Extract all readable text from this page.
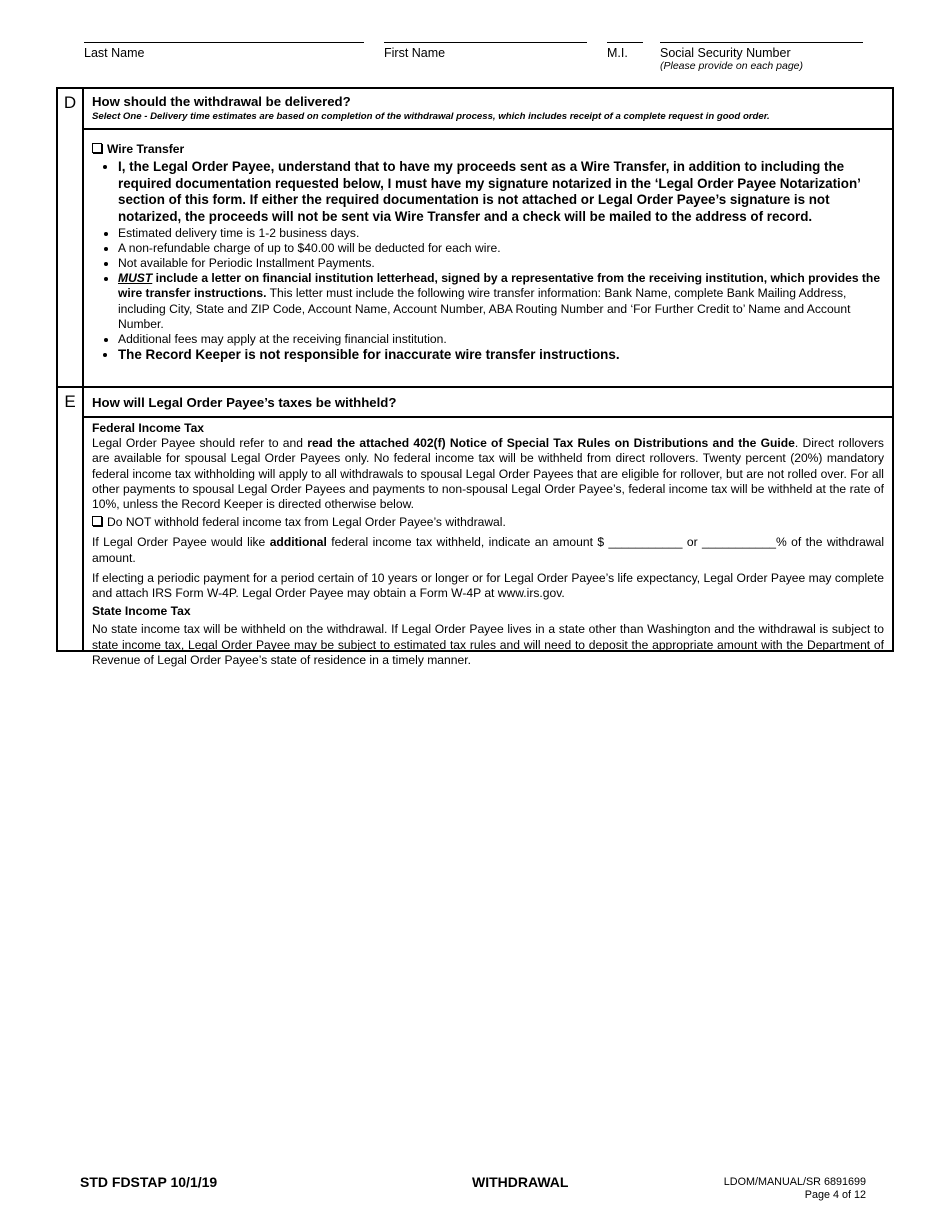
Last Name	First Name	M.I.	Social Security Number
(Please provide on each page)
D	How should the withdrawal be delivered?
Select One - Delivery time estimates are based on completion of the withdrawal process, which includes receipt of a complete request in good order.
Wire Transfer
• I, the Legal Order Payee, understand that to have my proceeds sent as a Wire Transfer, in addition to including the required documentation requested below, I must have my signature notarized in the ‘Legal Order Payee Notarization’ section of this form. If either the required documentation is not attached or Legal Order Payee’s signature is not notarized, the proceeds will not be sent via Wire Transfer and a check will be mailed to the address of record.
• Estimated delivery time is 1-2 business days.
• A non-refundable charge of up to $40.00 will be deducted for each wire.
• Not available for Periodic Installment Payments.
• MUST include a letter on financial institution letterhead, signed by a representative from the receiving institution, which provides the wire transfer instructions. This letter must include the following wire transfer information: Bank Name, complete Bank Mailing Address, including City, State and ZIP Code, Account Name, Account Number, ABA Routing Number and ‘For Further Credit to’ Name and Account Number.
• Additional fees may apply at the receiving financial institution.
• The Record Keeper is not responsible for inaccurate wire transfer instructions.
E	How will Legal Order Payee’s taxes be withheld?
Federal Income Tax

Legal Order Payee should refer to and read the attached 402(f) Notice of Special Tax Rules on Distributions and the Guide. Direct rollovers are available for spousal Legal Order Payees only. No federal income tax will be withheld from direct rollovers. Twenty percent (20%) mandatory federal income tax withholding will apply to all withdrawals to spousal Legal Order Payees that are eligible for rollover, but are not rolled over. For all other payments to spousal Legal Order Payees and payments to non-spousal Legal Order Payee’s, federal income tax will be withheld at the rate of 10%, unless the Record Keeper is directed otherwise below.

Do NOT withhold federal income tax from Legal Order Payee’s withdrawal.

If Legal Order Payee would like additional federal income tax withheld, indicate an amount $ ___________ or ___________% of the withdrawal amount.

If electing a periodic payment for a period certain of 10 years or longer or for Legal Order Payee’s life expectancy, Legal Order Payee may complete and attach IRS Form W-4P. Legal Order Payee may obtain a Form W-4P at www.irs.gov.

State Income Tax

No state income tax will be withheld on the withdrawal. If Legal Order Payee lives in a state other than Washington and the withdrawal is subject to state income tax, Legal Order Payee may be subject to estimated tax rules and will need to deposit the appropriate amount with the Department of Revenue of Legal Order Payee’s state of residence in a timely manner.

STD FDSTAP 10/1/19	WITHDRAWAL	LDOM/MANUAL/SR 6891699
Page 4 of 12
